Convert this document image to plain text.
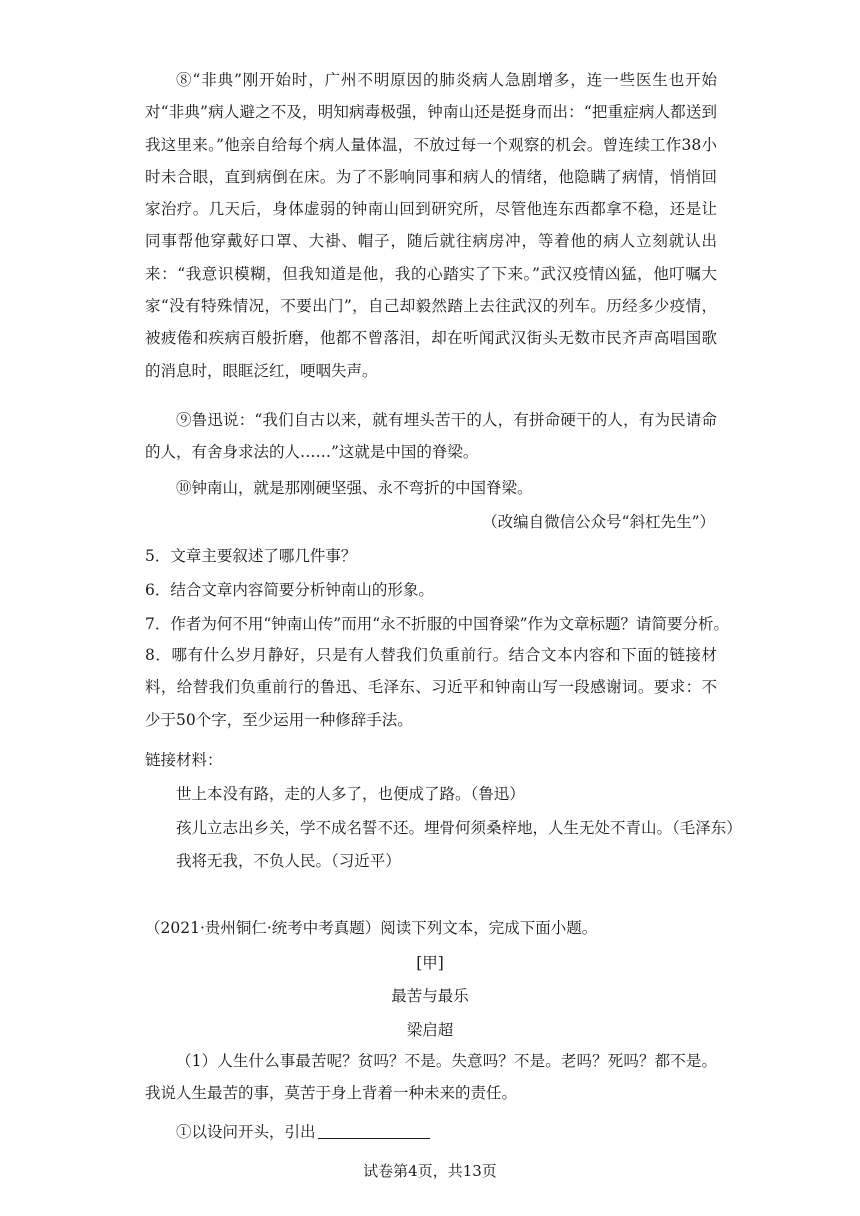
⑧“非典”刚开始时，广州不明原因的肺炎病人急剧增多，连一些医生也开始对“非典”病人避之不及，明知病毒极强，钟南山还是挺身而出：“把重症病人都送到我这里来。”他亲自给每个病人量体温，不放过每一个观察的机会。曾连续工作38小时未合眼，直到病倒在床。为了不影响同事和病人的情绪，他隐瞒了病情，悄悄回家治疗。几天后，身体虚弱的钟南山回到研究所，尽管他连东西都拿不稳，还是让同事帮他穿戴好口罩、大褂、帽子，随后就往病房冲，等着他的病人立刻就认出来：“我意识模糊，但我知道是他，我的心踏实了下来。”武汉疫情凶猛，他叮嘱大家“没有特殊情况，不要出门”，自己却毅然踏上去往武汉的列车。历经多少疫情，被疲倦和疾病百般折磨，他都不曾落泪，却在听闻武汉街头无数市民齐声高唱国歌的消息时，眼眶泛红，哽咽失声。

⑨鲁迅说：“我们自古以来，就有埋头苦干的人，有拼命硬干的人，有为民请命的人，有舍身求法的人……”这就是中国的脊梁。

⑩钟南山，就是那刚硬坚强、永不弯折的中国脊梁。

（改编自微信公众号“斜杠先生”）

5．文章主要叙述了哪几件事？

6．结合文章内容简要分析钟南山的形象。

7．作者为何不用“钟南山传”而用“永不折服的中国脊梁”作为文章标题？请简要分析。

8．哪有什么岁月静好，只是有人替我们负重前行。结合文本内容和下面的链接材料，给替我们负重前行的鲁迅、毛泽东、习近平和钟南山写一段感谢词。要求：不少于50个字，至少运用一种修辞手法。

链接材料：

世上本没有路，走的人多了，也便成了路。（鲁迅）

孩儿立志出乡关，学不成名誓不还。埋骨何须桑梓地，人生无处不青山。（毛泽东）

我将无我，不负人民。（习近平）

（2021·贵州铜仁·统考中考真题）阅读下列文本，完成下面小题。

[甲]

最苦与最乐

梁启超

（1）人生什么事最苦呢？贫吗？不是。失意吗？不是。老吗？死吗？都不是。我说人生最苦的事，莫苦于身上背着一种未来的责任。

①以设问开头，引出

试卷第4页，共13页
